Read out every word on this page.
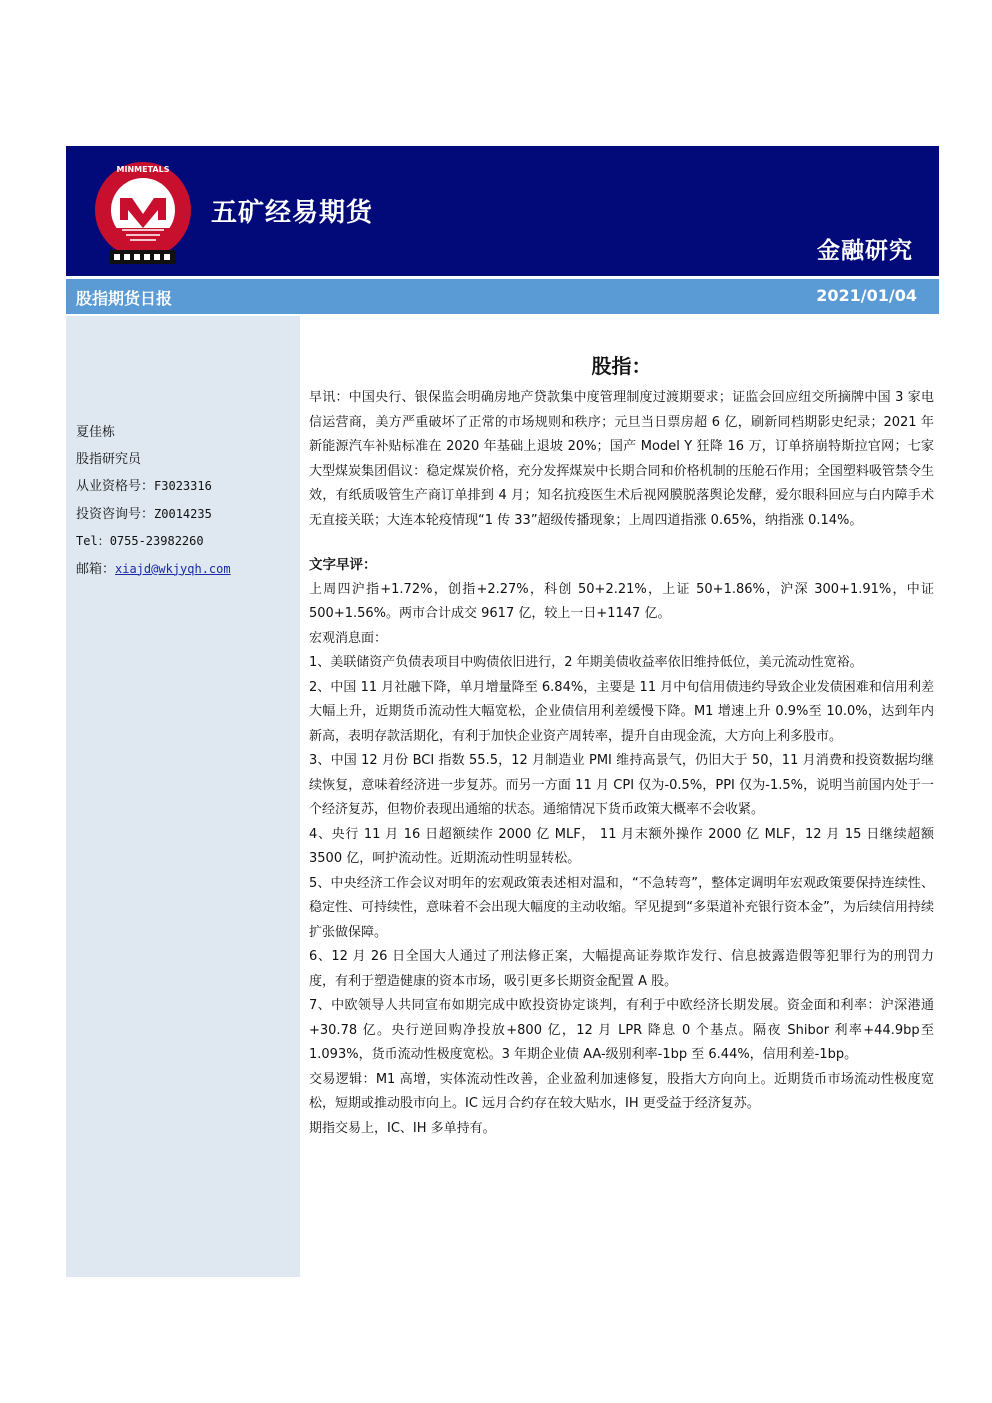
MINMETALS
五矿经易期货
金融研究
股指期货日报	2021/01/04
夏佳栋
股指研究员
从业资格号：F3023316
投资咨询号：Z0014235
Tel：0755-23982260
邮箱：xiajd@wkjyqh.com
股指：
早讯：中国央行、银保监会明确房地产贷款集中度管理制度过渡期要求；证监会回应纽交所摘牌中国 3 家电信运营商，美方严重破坏了正常的市场规则和秩序；元旦当日票房超 6 亿，刷新同档期影史纪录；2021 年新能源汽车补贴标准在 2020 年基础上退坡 20%；国产 Model Y 狂降 16 万，订单挤崩特斯拉官网；七家大型煤炭集团倡议：稳定煤炭价格，充分发挥煤炭中长期合同和价格机制的压舱石作用；全国塑料吸管禁令生效，有纸质吸管生产商订单排到 4 月；知名抗疫医生术后视网膜脱落舆论发酵，爱尔眼科回应与白内障手术无直接关联；大连本轮疫情现“1 传 33”超级传播现象；上周四道指涨 0.65%，纳指涨 0.14%。
文字早评：
上周四沪指+1.72%，创指+2.27%，科创 50+2.21%，上证 50+1.86%，沪深 300+1.91%，中证 500+1.56%。两市合计成交 9617 亿，较上一日+1147 亿。
宏观消息面：
1、美联储资产负债表项目中购债依旧进行，2 年期美债收益率依旧维持低位，美元流动性宽裕。
2、中国 11 月社融下降，单月增量降至 6.84%，主要是 11 月中旬信用债违约导致企业发债困难和信用利差大幅上升，近期货币流动性大幅宽松，企业债信用利差缓慢下降。M1 增速上升 0.9%至 10.0%，达到年内新高，表明存款活期化，有利于加快企业资产周转率，提升自由现金流，大方向上利多股市。
3、中国 12 月份 BCI 指数 55.5，12 月制造业 PMI 维持高景气，仍旧大于 50，11 月消费和投资数据均继续恢复，意味着经济进一步复苏。而另一方面 11 月 CPI 仅为-0.5%，PPI 仅为-1.5%，说明当前国内处于一个经济复苏，但物价表现出通缩的状态。通缩情况下货币政策大概率不会收紧。
4、央行 11 月 16 日超额续作 2000 亿 MLF， 11 月末额外操作 2000 亿 MLF，12 月 15 日继续超额 3500 亿，呵护流动性。近期流动性明显转松。
5、中央经济工作会议对明年的宏观政策表述相对温和，“不急转弯”，整体定调明年宏观政策要保持连续性、稳定性、可持续性，意味着不会出现大幅度的主动收缩。罕见提到“多渠道补充银行资本金”，为后续信用持续扩张做保障。
6、12 月 26 日全国大人通过了刑法修正案，大幅提高证券欺诈发行、信息披露造假等犯罪行为的刑罚力度，有利于塑造健康的资本市场，吸引更多长期资金配置 A 股。
7、中欧领导人共同宣布如期完成中欧投资协定谈判，有利于中欧经济长期发展。资金面和利率：沪深港通+30.78 亿。央行逆回购净投放+800 亿，12 月 LPR 降息 0 个基点。隔夜 Shibor 利率+44.9bp至 1.093%，货币流动性极度宽松。3 年期企业债 AA-级别利率-1bp 至 6.44%，信用利差-1bp。
交易逻辑：M1 高增，实体流动性改善，企业盈利加速修复，股指大方向向上。近期货币市场流动性极度宽松，短期或推动股市向上。IC 远月合约存在较大贴水，IH 更受益于经济复苏。
期指交易上，IC、IH 多单持有。
